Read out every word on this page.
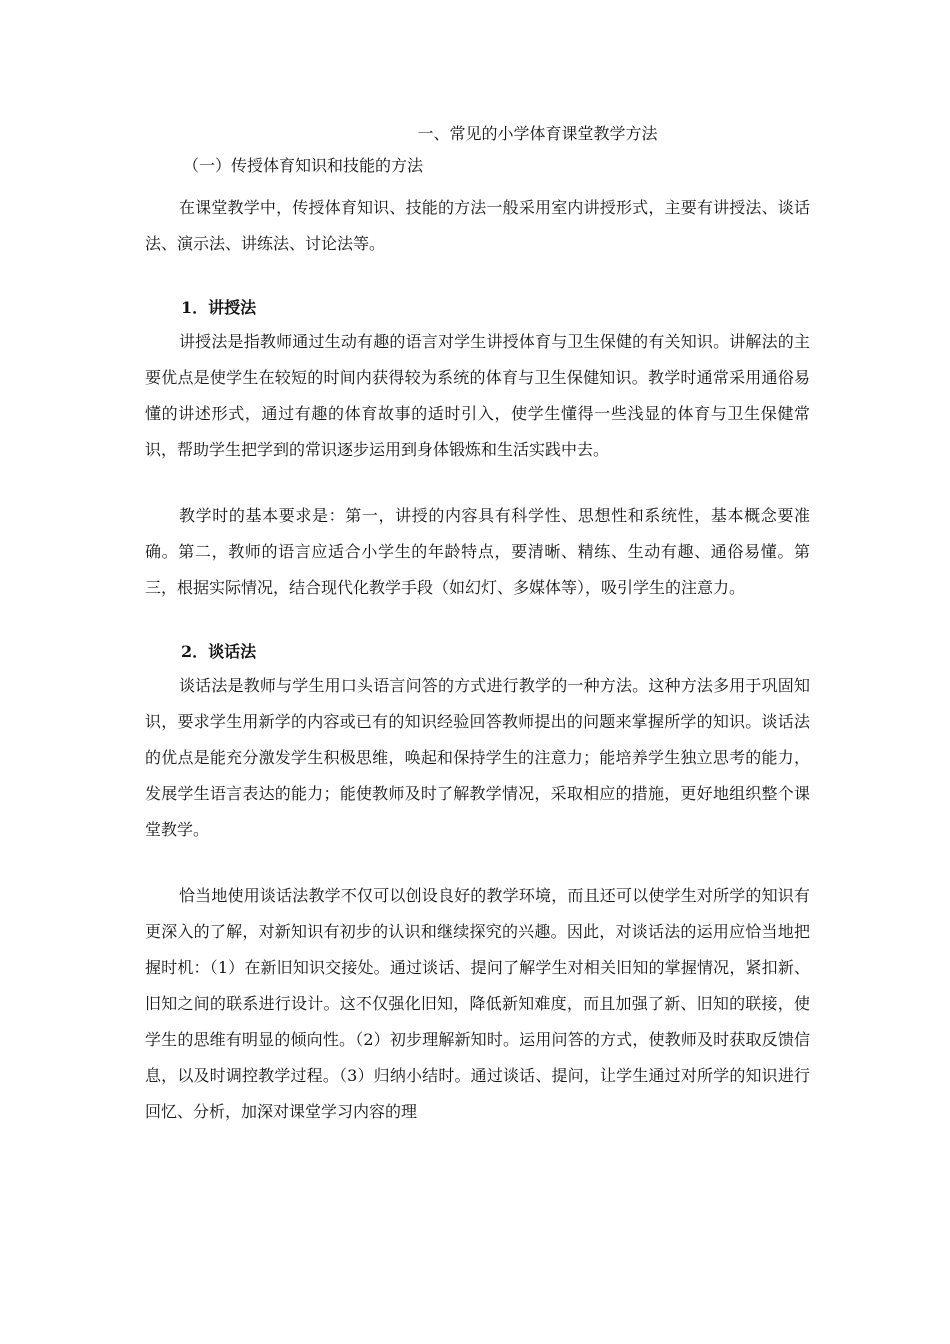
一、常见的小学体育课堂教学方法
（一）传授体育知识和技能的方法

在课堂教学中，传授体育知识、技能的方法一般采用室内讲授形式，主要有讲授法、谈话法、演示法、讲练法、讨论法等。

1．讲授法

讲授法是指教师通过生动有趣的语言对学生讲授体育与卫生保健的有关知识。讲解法的主要优点是使学生在较短的时间内获得较为系统的体育与卫生保健知识。教学时通常采用通俗易懂的讲述形式，通过有趣的体育故事的适时引入，使学生懂得一些浅显的体育与卫生保健常识，帮助学生把学到的常识逐步运用到身体锻炼和生活实践中去。

教学时的基本要求是：第一，讲授的内容具有科学性、思想性和系统性，基本概念要准确。第二，教师的语言应适合小学生的年龄特点，要清晰、精练、生动有趣、通俗易懂。第三，根据实际情况，结合现代化教学手段（如幻灯、多媒体等），吸引学生的注意力。

2．谈话法

谈话法是教师与学生用口头语言问答的方式进行教学的一种方法。这种方法多用于巩固知识，要求学生用新学的内容或已有的知识经验回答教师提出的问题来掌握所学的知识。谈话法的优点是能充分激发学生积极思维，唤起和保持学生的注意力；能培养学生独立思考的能力，发展学生语言表达的能力；能使教师及时了解教学情况，采取相应的措施，更好地组织整个课堂教学。

恰当地使用谈话法教学不仅可以创设良好的教学环境，而且还可以使学生对所学的知识有更深入的了解，对新知识有初步的认识和继续探究的兴趣。因此，对谈话法的运用应恰当地把握时机：（1）在新旧知识交接处。通过谈话、提问了解学生对相关旧知的掌握情况，紧扣新、旧知之间的联系进行设计。这不仅强化旧知，降低新知难度，而且加强了新、旧知的联接，使学生的思维有明显的倾向性。（2）初步理解新知时。运用问答的方式，使教师及时获取反馈信息，以及时调控教学过程。（3）归纳小结时。通过谈话、提问，让学生通过对所学的知识进行回忆、分析，加深对课堂学习内容的理
